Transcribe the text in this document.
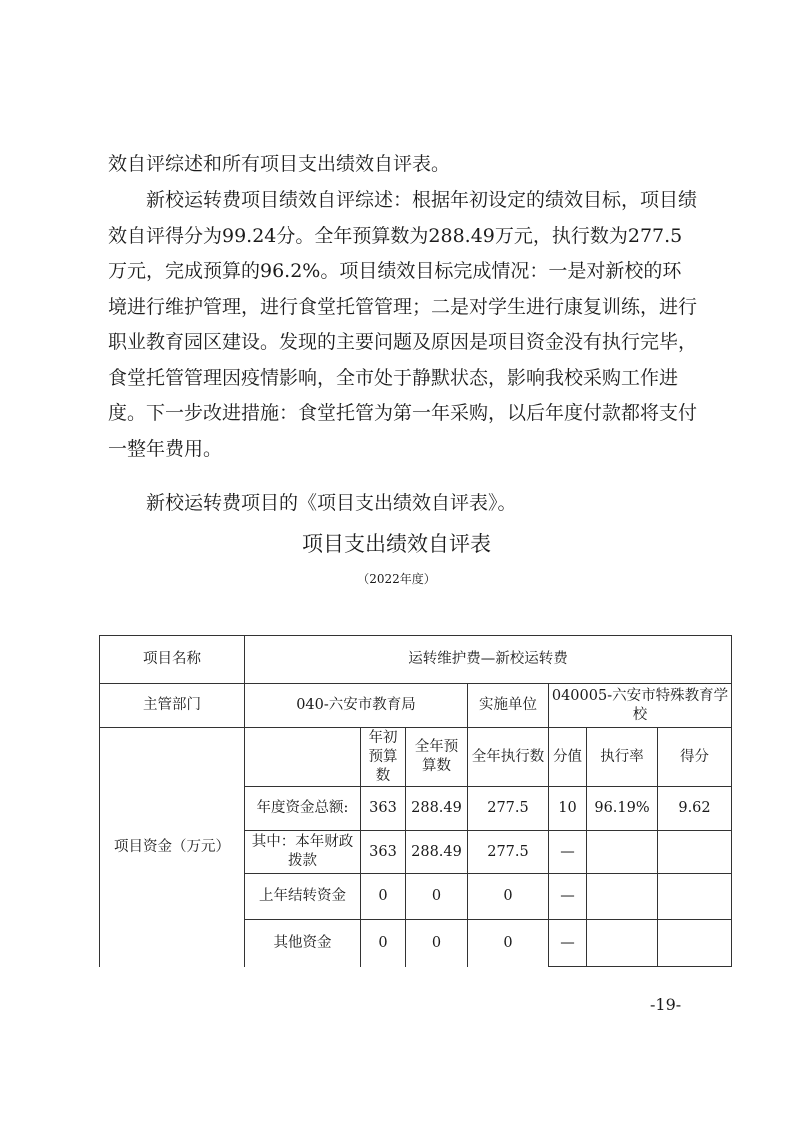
效自评综述和所有项目支出绩效自评表。

新校运转费项目绩效自评综述：根据年初设定的绩效目标，项目绩效自评得分为99.24分。全年预算数为288.49万元，执行数为277.5万元，完成预算的96.2%。项目绩效目标完成情况：一是对新校的环境进行维护管理，进行食堂托管管理；二是对学生进行康复训练，进行职业教育园区建设。发现的主要问题及原因是项目资金没有执行完毕，食堂托管管理因疫情影响，全市处于静默状态，影响我校采购工作进度。下一步改进措施：食堂托管为第一年采购，以后年度付款都将支付一整年费用。

新校运转费项目的《项目支出绩效自评表》。

项目支出绩效自评表
（2022年度）
项目名称	运转维护费—新校运转费						
主管部门	040-六安市教育局			实施单位	040005-六安市特殊教育学校		
项目资金（万元）		年初预算数	全年预算数	全年执行数	分值	执行率	得分
	年度资金总额:	363	288.49	277.5	10	96.19%	9.62
	其中：本年财政拨款	363	288.49	277.5	—		
	上年结转资金	0	0	0	—		
	其他资金	0	0	0	—		
-19-
